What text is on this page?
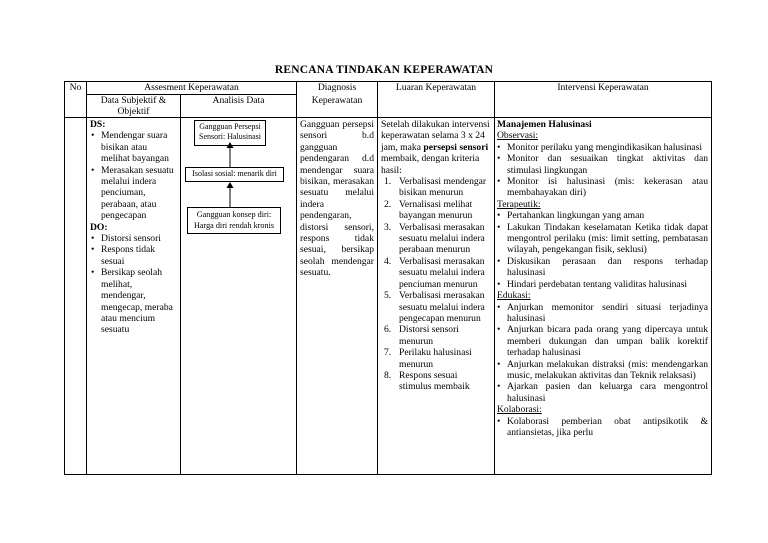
RENCANA TINDAKAN KEPERAWATAN
No	Assesment Keperawatan
Data Subjektif &
Objektif
Analisis Data
Diagnosis
Keperawatan
Luaran Keperawatan	Intervensi Keperawatan
DS:
• Mendengar suara bisikan atau melihat bayangan
• Merasakan sesuatu melalui indera penciuman, perabaan, atau pengecapan
DO:
• Distorsi sensori
• Respons tidak sesuai
• Bersikap seolah melihat, mendengar, mengecap, meraba atau mencium sesuatu
Gangguan Persepsi Sensori: Halusinasi
Isolasi sosial: menarik diri
Gangguan konsep diri: Harga diri rendah kronis
Gangguan persepsi sensori b.d gangguan pendengaran d.d mendengar suara bisikan, merasakan sesuatu melalui indera pendengaran, distorsi sensori, respons tidak sesuai, bersikap seolah mendengar sesuatu.
Setelah dilakukan intervensi keperawatan selama 3 x 24 jam, maka persepsi sensori membaik, dengan kriteria hasil:
1. Verbalisasi mendengar bisikan menurun
2. Vernalisasi melihat bayangan menurun
3. Verbalisasi merasakan sesuatu melalui indera perabaan menurun
4. Verbalisasi merasakan sesuatu melalui indera penciuman menurun
5. Verbalisasi merasakan sesuatu melalui indera pengecapan menurun
6. Distorsi sensori menurun
7. Perilaku halusinasi menurun
8. Respons sesuai stimulus membaik
Manajemen Halusinasi
Observasi:
• Monitor perilaku yang mengindikasikan halusinasi
• Monitor dan sesuaikan tingkat aktivitas dan stimulasi lingkungan
• Monitor isi halusinasi (mis: kekerasan atau membahayakan diri)
Terapeutik:
• Pertahankan lingkungan yang aman
• Lakukan Tindakan keselamatan Ketika tidak dapat mengontrol perilaku (mis: limit setting, pembatasan wilayah, pengekangan fisik, seklusi)
• Diskusikan perasaan dan respons terhadap halusinasi
• Hindari perdebatan tentang validitas halusinasi
Edukasi:
• Anjurkan memonitor sendiri situasi terjadinya halusinasi
• Anjurkan bicara pada orang yang dipercaya untuk memberi dukungan dan umpan balik korektif terhadap halusinasi
• Anjurkan melakukan distraksi (mis: mendengarkan music, melakukan aktivitas dan Teknik relaksasi)
• Ajarkan pasien dan keluarga cara mengontrol halusinasi
Kolaborasi:
• Kolaborasi pemberian obat antipsikotik & antiansietas, jika perlu
